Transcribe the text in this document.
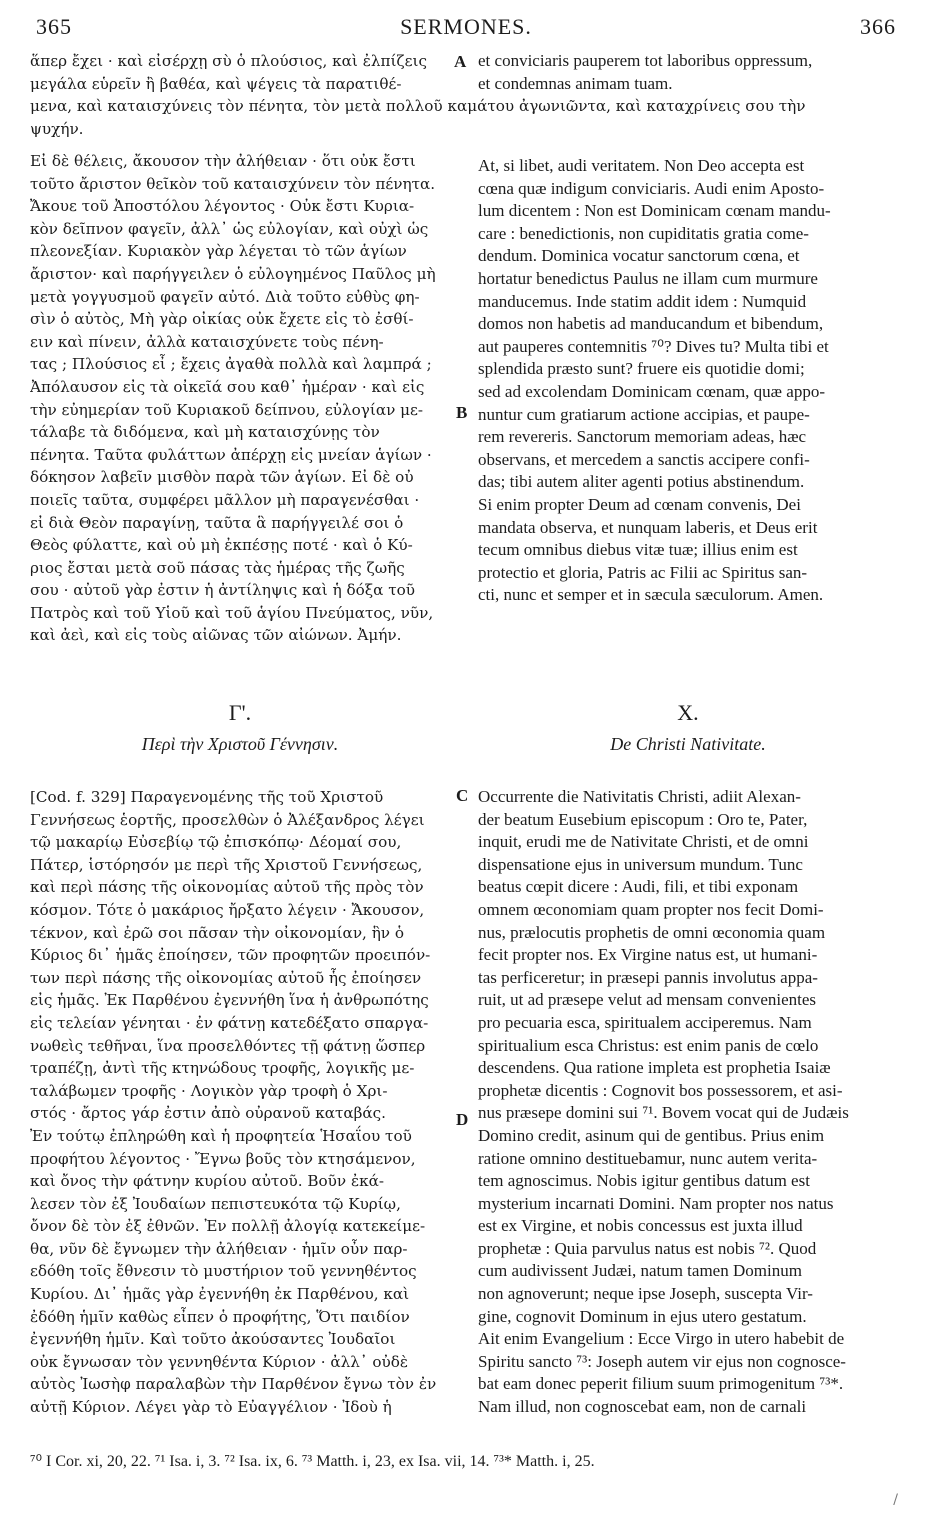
365	SERMONES.	366
ἅπερ ἔχει · καὶ εἰσέρχῃ σὺ ὁ πλούσιος, καὶ ἐλπίζεις
μεγάλα εὑρεῖν ἢ βαθέα, καὶ ψέγεις τὰ παρατιθέ-
μενα, καὶ καταισχύνεις τὸν πένητα, τὸν μετὰ πολλοῦ καμάτου ἀγωνιῶντα, καὶ καταχρίνεις σου τὴν
ψυχήν.
et conviciaris pauperem tot laboribus oppressum,
et condemnas animam tuam.
A
B
C
D
Εἰ δὲ θέλεις, ἄκουσον τὴν ἀλήθειαν · ὅτι οὐκ ἔστι
τοῦτο ἄριστον θεῖκὸν τοῦ καταισχύνειν τὸν πένητα.
Ἄκουε τοῦ Ἀποστόλου λέγοντος · Οὐκ ἔστι Κυρια-
κὸν δεῖπνον φαγεῖν, ἀλλ᾽ ὡς εὐλογίαν, καὶ οὐχὶ ὡς
πλεονεξίαν. Κυριακὸν γὰρ λέγεται τὸ τῶν ἁγίων
ἄριστον· καὶ παρήγγειλεν ὁ εὐλογημένος Παῦλος μὴ
μετὰ γογγυσμοῦ φαγεῖν αὐτό. Διὰ τοῦτο εὐθὺς φη-
σὶν ὁ αὐτὸς, Μὴ γὰρ οἰκίας οὐκ ἔχετε εἰς τὸ ἐσθί-
ειν καὶ πίνειν, ἀλλὰ καταισχύνετε τοὺς πένη-
τας ; Πλούσιος εἶ ; ἔχεις ἀγαθὰ πολλὰ καὶ λαμπρά ;
Ἀπόλαυσον εἰς τὰ οἰκεῖά σου καθ᾽ ἡμέραν · καὶ εἰς
τὴν εὐημερίαν τοῦ Κυριακοῦ δείπνου, εὐλογίαν με-
τάλαβε τὰ διδόμενα, καὶ μὴ καταισχύνῃς τὸν
πένητα. Ταῦτα φυλάττων ἀπέρχῃ εἰς μνείαν ἁγίων ·
δόκησον λαβεῖν μισθὸν παρὰ τῶν ἁγίων. Εἰ δὲ οὐ
ποιεῖς ταῦτα, συμφέρει μᾶλλον μὴ παραγενέσθαι ·
εἰ διὰ Θεὸν παραγίνῃ, ταῦτα ἃ παρήγγειλέ σοι ὁ
Θεὸς φύλαττε, καὶ οὐ μὴ ἐκπέσῃς ποτέ · καὶ ὁ Κύ-
ριος ἔσται μετὰ σοῦ πάσας τὰς ἡμέρας τῆς ζωῆς
σου · αὐτοῦ γὰρ ἐστιν ἡ ἀντίληψις καὶ ἡ δόξα τοῦ
Πατρὸς καὶ τοῦ Υἱοῦ καὶ τοῦ ἁγίου Πνεύματος, νῦν,
καὶ ἀεὶ, καὶ εἰς τοὺς αἰῶνας τῶν αἰώνων. Ἀμήν.
At, si libet, audi veritatem. Non Deo accepta est
cœna quæ indigum conviciaris. Audi enim Aposto-
lum dicentem : Non est Dominicam cœnam mandu-
care : benedictionis, non cupiditatis gratia come-
dendum. Dominica vocatur sanctorum cœna, et
hortatur benedictus Paulus ne illam cum murmure
manducemus. Inde statim addit idem : Numquid
domos non habetis ad manducandum et bibendum,
aut pauperes contemnitis ⁷⁰? Dives tu? Multa tibi et
splendida præsto sunt? fruere eis quotidie domi;
sed ad excolendam Dominicam cœnam, quæ appo-
nuntur cum gratiarum actione accipias, et paupe-
rem revereris. Sanctorum memoriam adeas, hæc
observans, et mercedem a sanctis accipere confi-
das; tibi autem aliter agenti potius abstinendum.
Si enim propter Deum ad cœnam convenis, Dei
mandata observa, et nunquam laberis, et Deus erit
tecum omnibus diebus vitæ tuæ; illius enim est
protectio et gloria, Patris ac Filii ac Spiritus san-
cti, nunc et semper et in sæcula sæculorum. Amen.
Γ'.
Περὶ τὴν Χριστοῦ Γέννησιν.
X.
De Christi Nativitate.
[Cod. f. 329] Παραγενομένης τῆς τοῦ Χριστοῦ
Γεννήσεως ἑορτῆς, προσελθὼν ὁ Ἀλέξανδρος λέγει
τῷ μακαρίῳ Εὐσεβίῳ τῷ ἐπισκόπῳ· Δέομαί σου,
Πάτερ, ἱστόρησόν με περὶ τῆς Χριστοῦ Γεννήσεως,
καὶ περὶ πάσης τῆς οἰκονομίας αὐτοῦ τῆς πρὸς τὸν
κόσμον. Τότε ὁ μακάριος ἤρξατο λέγειν · Ἄκουσον,
τέκνον, καὶ ἐρῶ σοι πᾶσαν τὴν οἰκονομίαν, ἣν ὁ
Κύριος δι᾽ ἡμᾶς ἐποίησεν, τῶν προφητῶν προειπόν-
των περὶ πάσης τῆς οἰκονομίας αὐτοῦ ἧς ἐποίησεν
εἰς ἡμᾶς. Ἐκ Παρθένου ἐγεννήθη ἵνα ἡ ἀνθρωπότης
εἰς τελείαν γένηται · ἐν φάτνῃ κατεδέξατο σπαργα-
νωθεὶς τεθῆναι, ἵνα προσελθόντες τῇ φάτνῃ ὥσπερ
τραπέζῃ, ἀντὶ τῆς κτηνώδους τροφῆς, λογικῆς με-
ταλάβωμεν τροφῆς · Λογικὸν γὰρ τροφὴ ὁ Χρι-
στός · ἄρτος γάρ ἐστιν ἀπὸ οὐρανοῦ καταβάς.
Ἐν τούτῳ ἐπληρώθη καὶ ἡ προφητεία Ἡσαΐου τοῦ
προφήτου λέγοντος · Ἔγνω βοῦς τὸν κτησάμενον,
καὶ ὄνος τὴν φάτνην κυρίου αὐτοῦ. Βοῦν ἐκά-
λεσεν τὸν ἐξ Ἰουδαίων πεπιστευκότα τῷ Κυρίῳ,
ὄνον δὲ τὸν ἐξ ἐθνῶν. Ἐν πολλῇ ἀλογίᾳ κατεκείμε-
θα, νῦν δὲ ἔγνωμεν τὴν ἀλήθειαν · ἡμῖν οὖν παρ-
εδόθη τοῖς ἔθνεσιν τὸ μυστήριον τοῦ γεννηθέντος
Κυρίου. Δι᾽ ἡμᾶς γὰρ ἐγεννήθη ἐκ Παρθένου, καὶ
ἐδόθη ἡμῖν καθὼς εἶπεν ὁ προφήτης, Ὅτι παιδίον
ἐγεννήθη ἡμῖν. Καὶ τοῦτο ἀκούσαντες Ἰουδαῖοι
οὐκ ἔγνωσαν τὸν γεννηθέντα Κύριον · ἀλλ᾽ οὐδὲ
αὐτὸς Ἰωσὴφ παραλαβὼν τὴν Παρθένον ἔγνω τὸν ἐν
αὐτῇ Κύριον. Λέγει γὰρ τὸ Εὐαγγέλιον · Ἰδοὺ ἡ
Occurrente die Nativitatis Christi, adiit Alexan-
der beatum Eusebium episcopum : Oro te, Pater,
inquit, erudi me de Nativitate Christi, et de omni
dispensatione ejus in universum mundum. Tunc
beatus cœpit dicere : Audi, fili, et tibi exponam
omnem œconomiam quam propter nos fecit Domi-
nus, prælocutis prophetis de omni œconomia quam
fecit propter nos. Ex Virgine natus est, ut humani-
tas perficeretur; in præsepi pannis involutus appa-
ruit, ut ad præsepe velut ad mensam convenientes
pro pecuaria esca, spiritualem acciperemus. Nam
spiritualium esca Christus: est enim panis de cœlo
descendens. Qua ratione impleta est prophetia Isaiæ
prophetæ dicentis : Cognovit bos possessorem, et asi-
nus præsepe domini sui ⁷¹. Bovem vocat qui de Judæis
Domino credit, asinum qui de gentibus. Prius enim
ratione omnino destituebamur, nunc autem verita-
tem agnoscimus. Nobis igitur gentibus datum est
mysterium incarnati Domini. Nam propter nos natus
est ex Virgine, et nobis concessus est juxta illud
prophetæ : Quia parvulus natus est nobis ⁷². Quod
cum audivissent Judæi, natum tamen Dominum
non agnoverunt; neque ipse Joseph, suscepta Vir-
gine, cognovit Dominum in ejus utero gestatum.
Ait enim Evangelium : Ecce Virgo in utero habebit de
Spiritu sancto ⁷³: Joseph autem vir ejus non cognosce-
bat eam donec peperit filium suum primogenitum ⁷³*.
Nam illud, non cognoscebat eam, non de carnali
⁷⁰ I Cor. xi, 20, 22. ⁷¹ Isa. i, 3. ⁷² Isa. ix, 6. ⁷³ Matth. i, 23, ex Isa. vii, 14. ⁷³* Matth. i, 25.
/
